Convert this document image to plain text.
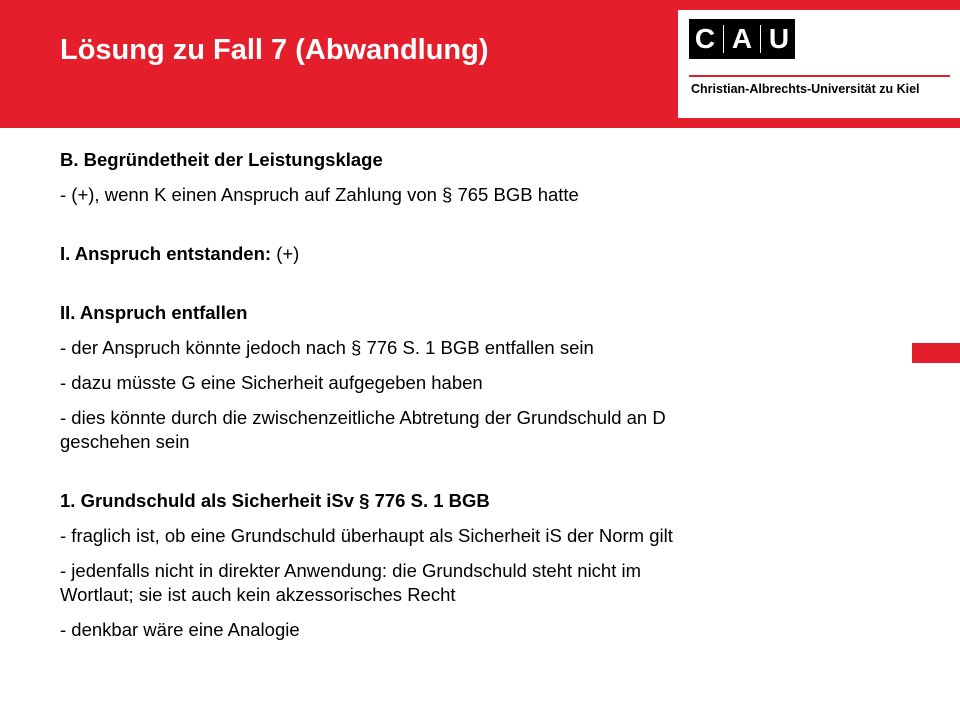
Lösung zu Fall 7 (Abwandlung)	C A U
Christian-Albrechts-Universität zu Kiel

B. Begründetheit der Leistungsklage

- (+), wenn K einen Anspruch auf Zahlung von § 765 BGB hatte

I. Anspruch entstanden: (+)

II. Anspruch entfallen

- der Anspruch könnte jedoch nach § 776 S. 1 BGB entfallen sein

- dazu müsste G eine Sicherheit aufgegeben haben

- dies könnte durch die zwischenzeitliche Abtretung der Grundschuld an D

geschehen sein

1. Grundschuld als Sicherheit iSv § 776 S. 1 BGB

- fraglich ist, ob eine Grundschuld überhaupt als Sicherheit iS der Norm gilt

- jedenfalls nicht in direkter Anwendung: die Grundschuld steht nicht im

Wortlaut; sie ist auch kein akzessorisches Recht

- denkbar wäre eine Analogie
